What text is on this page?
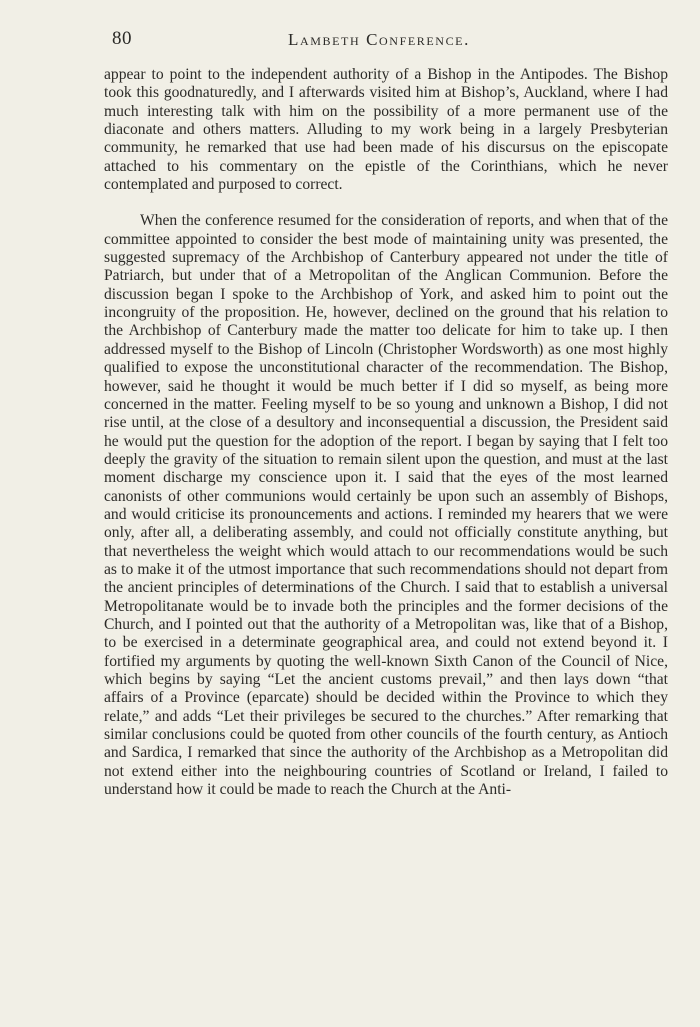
80	Lambeth Conference.

appear to point to the independent authority of a Bishop in the Antipodes. The Bishop took this goodnaturedly, and I afterwards visited him at Bishop’s, Auckland, where I had much interesting talk with him on the possibility of a more permanent use of the diaconate and others matters. Alluding to my work being in a largely Presbyterian community, he remarked that use had been made of his discursus on the episcopate attached to his commentary on the epistle of the Corinthians, which he never contemplated and purposed to correct.

When the conference resumed for the consideration of reports, and when that of the committee appointed to consider the best mode of maintaining unity was presented, the suggested supremacy of the Archbishop of Canterbury appeared not under the title of Patriarch, but under that of a Metropolitan of the Anglican Communion. Before the discussion began I spoke to the Archbishop of York, and asked him to point out the incongruity of the proposition. He, however, declined on the ground that his relation to the Archbishop of Canterbury made the matter too delicate for him to take up. I then addressed myself to the Bishop of Lincoln (Christopher Wordsworth) as one most highly qualified to expose the unconstitutional character of the recommendation. The Bishop, however, said he thought it would be much better if I did so myself, as being more concerned in the matter. Feeling myself to be so young and unknown a Bishop, I did not rise until, at the close of a desultory and inconsequential a discussion, the President said he would put the question for the adoption of the report. I began by saying that I felt too deeply the gravity of the situation to remain silent upon the question, and must at the last moment discharge my conscience upon it. I said that the eyes of the most learned canonists of other communions would certainly be upon such an assembly of Bishops, and would criticise its pronouncements and actions. I reminded my hearers that we were only, after all, a deliberating assembly, and could not officially constitute anything, but that nevertheless the weight which would attach to our recommendations would be such as to make it of the utmost importance that such recommendations should not depart from the ancient principles of determinations of the Church. I said that to establish a universal Metropolitanate would be to invade both the principles and the former decisions of the Church, and I pointed out that the authority of a Metropolitan was, like that of a Bishop, to be exercised in a determinate geographical area, and could not extend beyond it. I fortified my arguments by quoting the well-known Sixth Canon of the Council of Nice, which begins by saying “Let the ancient customs prevail,” and then lays down “that affairs of a Province (eparcate) should be decided within the Province to which they relate,” and adds “Let their privileges be secured to the churches.” After remarking that similar conclusions could be quoted from other councils of the fourth century, as Antioch and Sardica, I remarked that since the authority of the Archbishop as a Metropolitan did not extend either into the neighbouring countries of Scotland or Ireland, I failed to understand how it could be made to reach the Church at the Anti-
